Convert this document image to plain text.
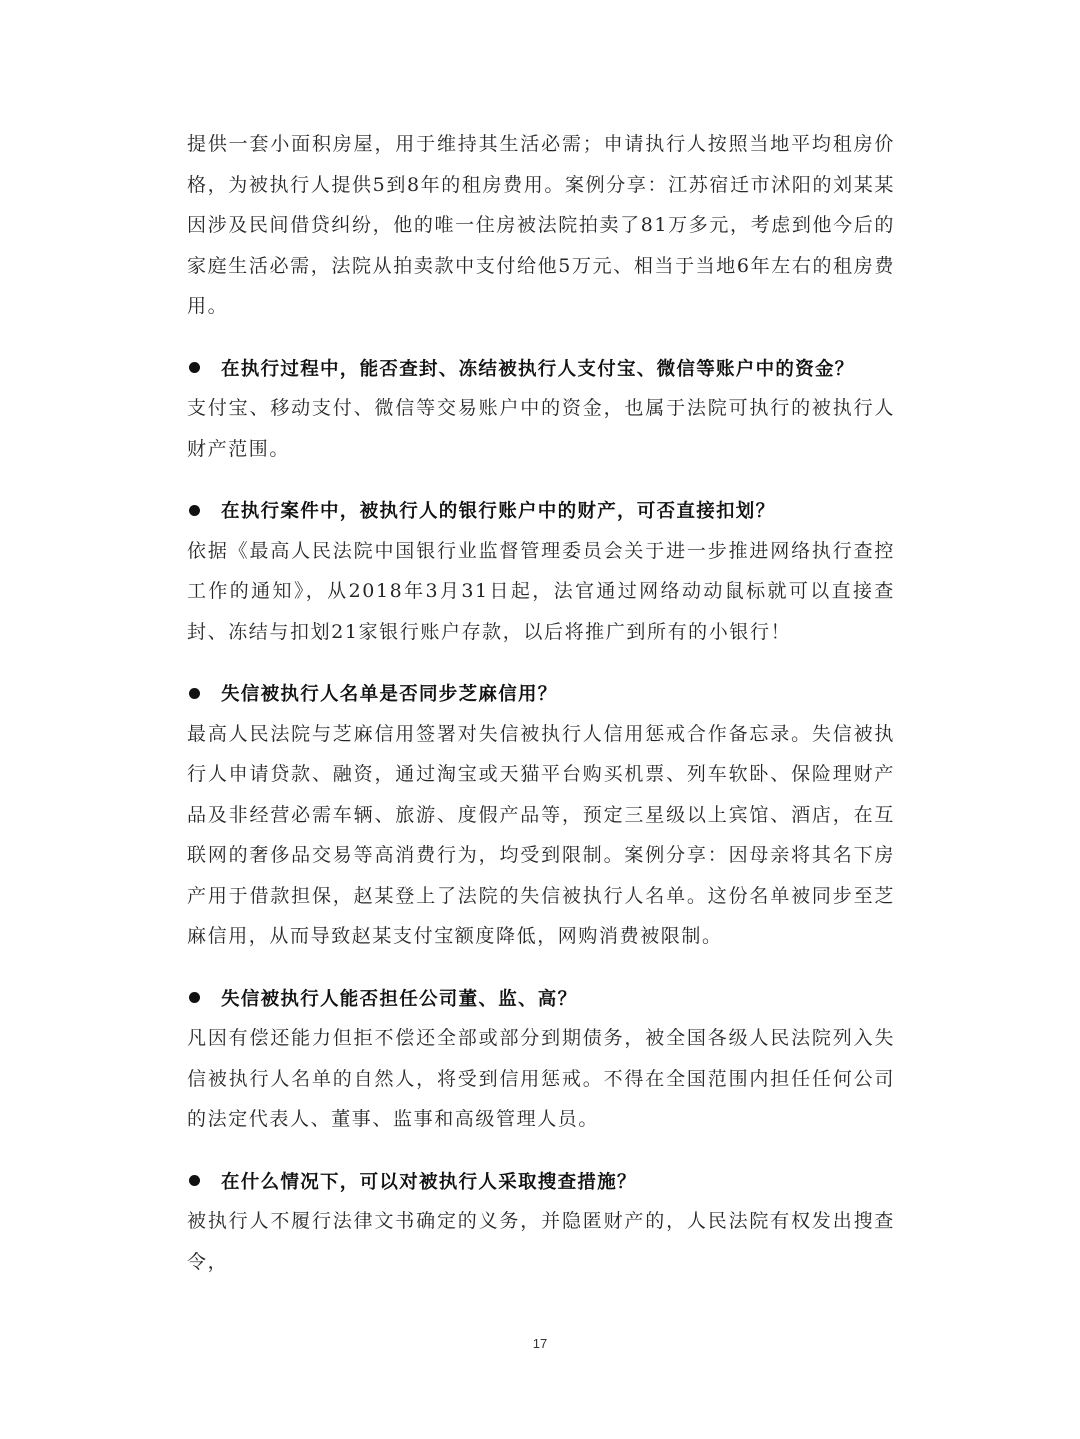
提供一套小面积房屋，用于维持其生活必需；申请执行人按照当地平均租房价格，为被执行人提供5到8年的租房费用。案例分享：江苏宿迁市沭阳的刘某某因涉及民间借贷纠纷，他的唯一住房被法院拍卖了81万多元，考虑到他今后的家庭生活必需，法院从拍卖款中支付给他5万元、相当于当地6年左右的租房费用。

在执行过程中，能否查封、冻结被执行人支付宝、微信等账户中的资金？

支付宝、移动支付、微信等交易账户中的资金，也属于法院可执行的被执行人财产范围。

在执行案件中，被执行人的银行账户中的财产，可否直接扣划？

依据《最高人民法院中国银行业监督管理委员会关于进一步推进网络执行查控工作的通知》，从2018年3月31日起，法官通过网络动动鼠标就可以直接查封、冻结与扣划21家银行账户存款，以后将推广到所有的小银行！

失信被执行人名单是否同步芝麻信用？

最高人民法院与芝麻信用签署对失信被执行人信用惩戒合作备忘录。失信被执行人申请贷款、融资，通过淘宝或天猫平台购买机票、列车软卧、保险理财产品及非经营必需车辆、旅游、度假产品等，预定三星级以上宾馆、酒店，在互联网的奢侈品交易等高消费行为，均受到限制。案例分享：因母亲将其名下房产用于借款担保，赵某登上了法院的失信被执行人名单。这份名单被同步至芝麻信用，从而导致赵某支付宝额度降低，网购消费被限制。

失信被执行人能否担任公司董、监、高？

凡因有偿还能力但拒不偿还全部或部分到期债务，被全国各级人民法院列入失信被执行人名单的自然人，将受到信用惩戒。不得在全国范围内担任任何公司的法定代表人、董事、监事和高级管理人员。

在什么情况下，可以对被执行人采取搜查措施？

被执行人不履行法律文书确定的义务，并隐匿财产的，人民法院有权发出搜查令，

17
